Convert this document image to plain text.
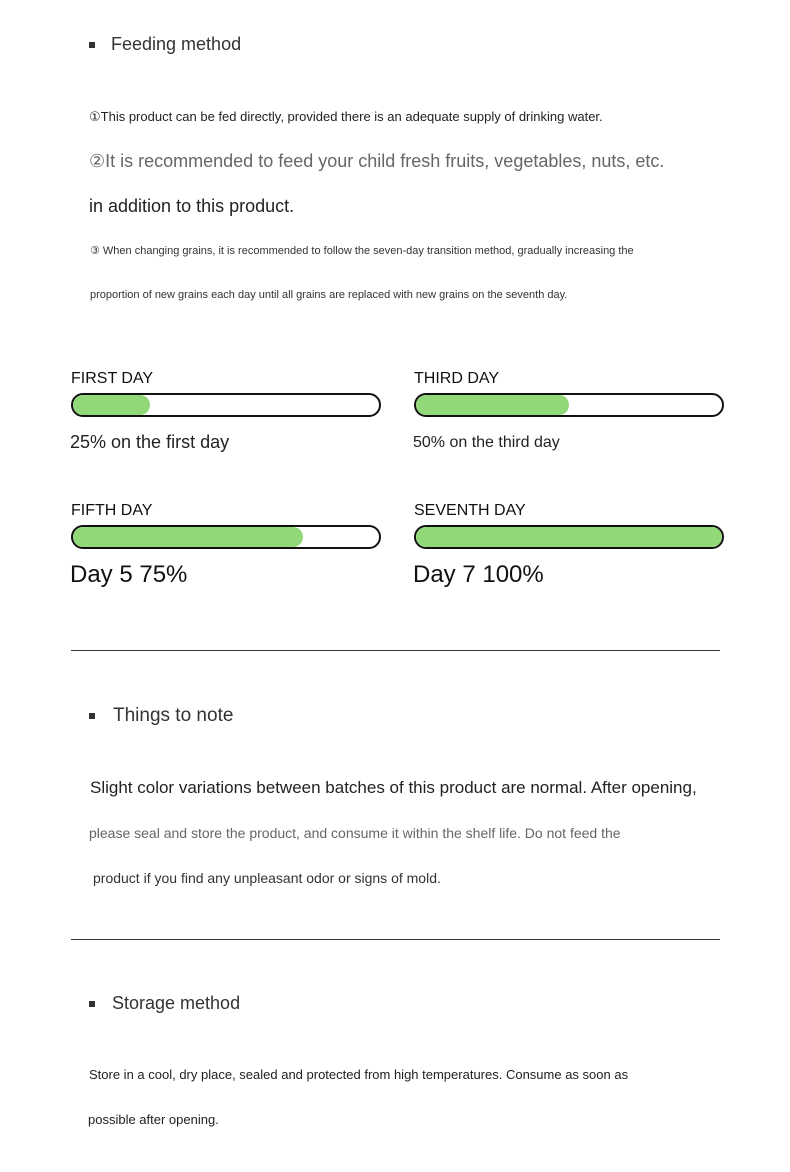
Feeding method
①This product can be fed directly, provided there is an adequate supply of drinking water.
②It is recommended to feed your child fresh fruits, vegetables, nuts, etc.
in addition to this product.
③ When changing grains, it is recommended to follow the seven-day transition method, gradually increasing the
proportion of new grains each day until all grains are replaced with new grains on the seventh day.
FIRST DAY
25% on the first day
THIRD DAY
50% on the third day
FIFTH DAY
Day 5 75%
SEVENTH DAY
Day 7 100%
Things to note
Slight color variations between batches of this product are normal. After opening,
please seal and store the product, and consume it within the shelf life. Do not feed the
product if you find any unpleasant odor or signs of mold.
Storage method
Store in a cool, dry place, sealed and protected from high temperatures. Consume as soon as
possible after opening.
